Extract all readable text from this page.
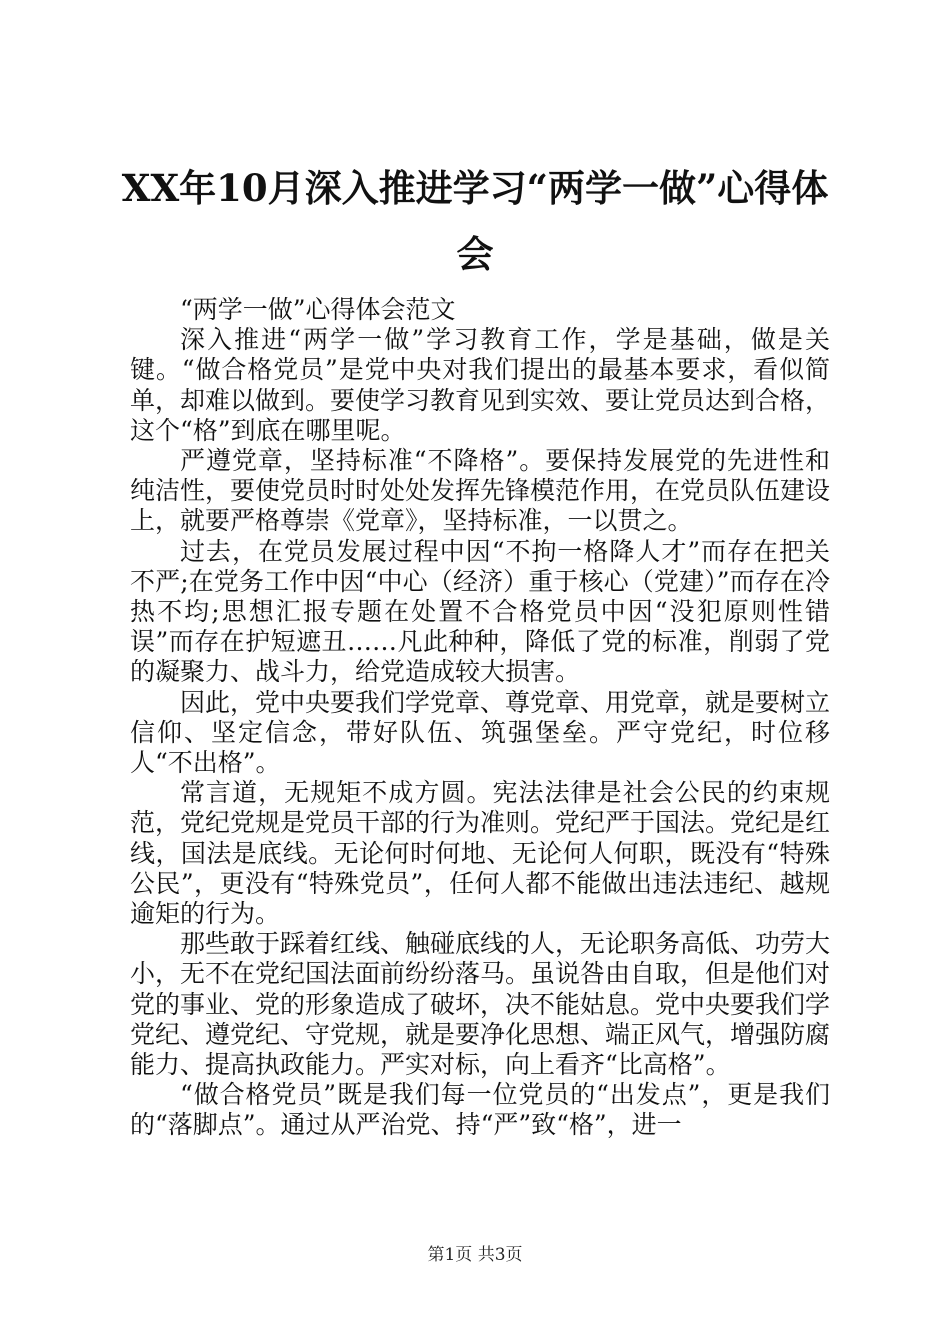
XX年10月深入推进学习“两学一做”心得体会

“两学一做”心得体会范文

深入推进“两学一做”学习教育工作，学是基础，做是关键。“做合格党员”是党中央对我们提出的最基本要求，看似简单，却难以做到。要使学习教育见到实效、要让党员达到合格，这个“格”到底在哪里呢。

严遵党章，坚持标准“不降格”。要保持发展党的先进性和纯洁性，要使党员时时处处发挥先锋模范作用，在党员队伍建设上，就要严格尊崇《党章》，坚持标准，一以贯之。

过去，在党员发展过程中因“不拘一格降人才”而存在把关不严;在党务工作中因“中心（经济）重于核心（党建）”而存在冷热不均;思想汇报专题在处置不合格党员中因“没犯原则性错误”而存在护短遮丑……凡此种种，降低了党的标准，削弱了党的凝聚力、战斗力，给党造成较大损害。

因此，党中央要我们学党章、尊党章、用党章，就是要树立信仰、坚定信念，带好队伍、筑强堡垒。严守党纪，时位移人“不出格”。

常言道，无规矩不成方圆。宪法法律是社会公民的约束规范，党纪党规是党员干部的行为准则。党纪严于国法。党纪是红线，国法是底线。无论何时何地、无论何人何职，既没有“特殊公民”，更没有“特殊党员”，任何人都不能做出违法违纪、越规逾矩的行为。

那些敢于踩着红线、触碰底线的人，无论职务高低、功劳大小，无不在党纪国法面前纷纷落马。虽说咎由自取，但是他们对党的事业、党的形象造成了破坏，决不能姑息。党中央要我们学党纪、遵党纪、守党规，就是要净化思想、端正风气，增强防腐能力、提高执政能力。严实对标，向上看齐“比高格”。

“做合格党员”既是我们每一位党员的“出发点”，更是我们的“落脚点”。通过从严治党、持“严”致“格”，进一

第1页 共3页
